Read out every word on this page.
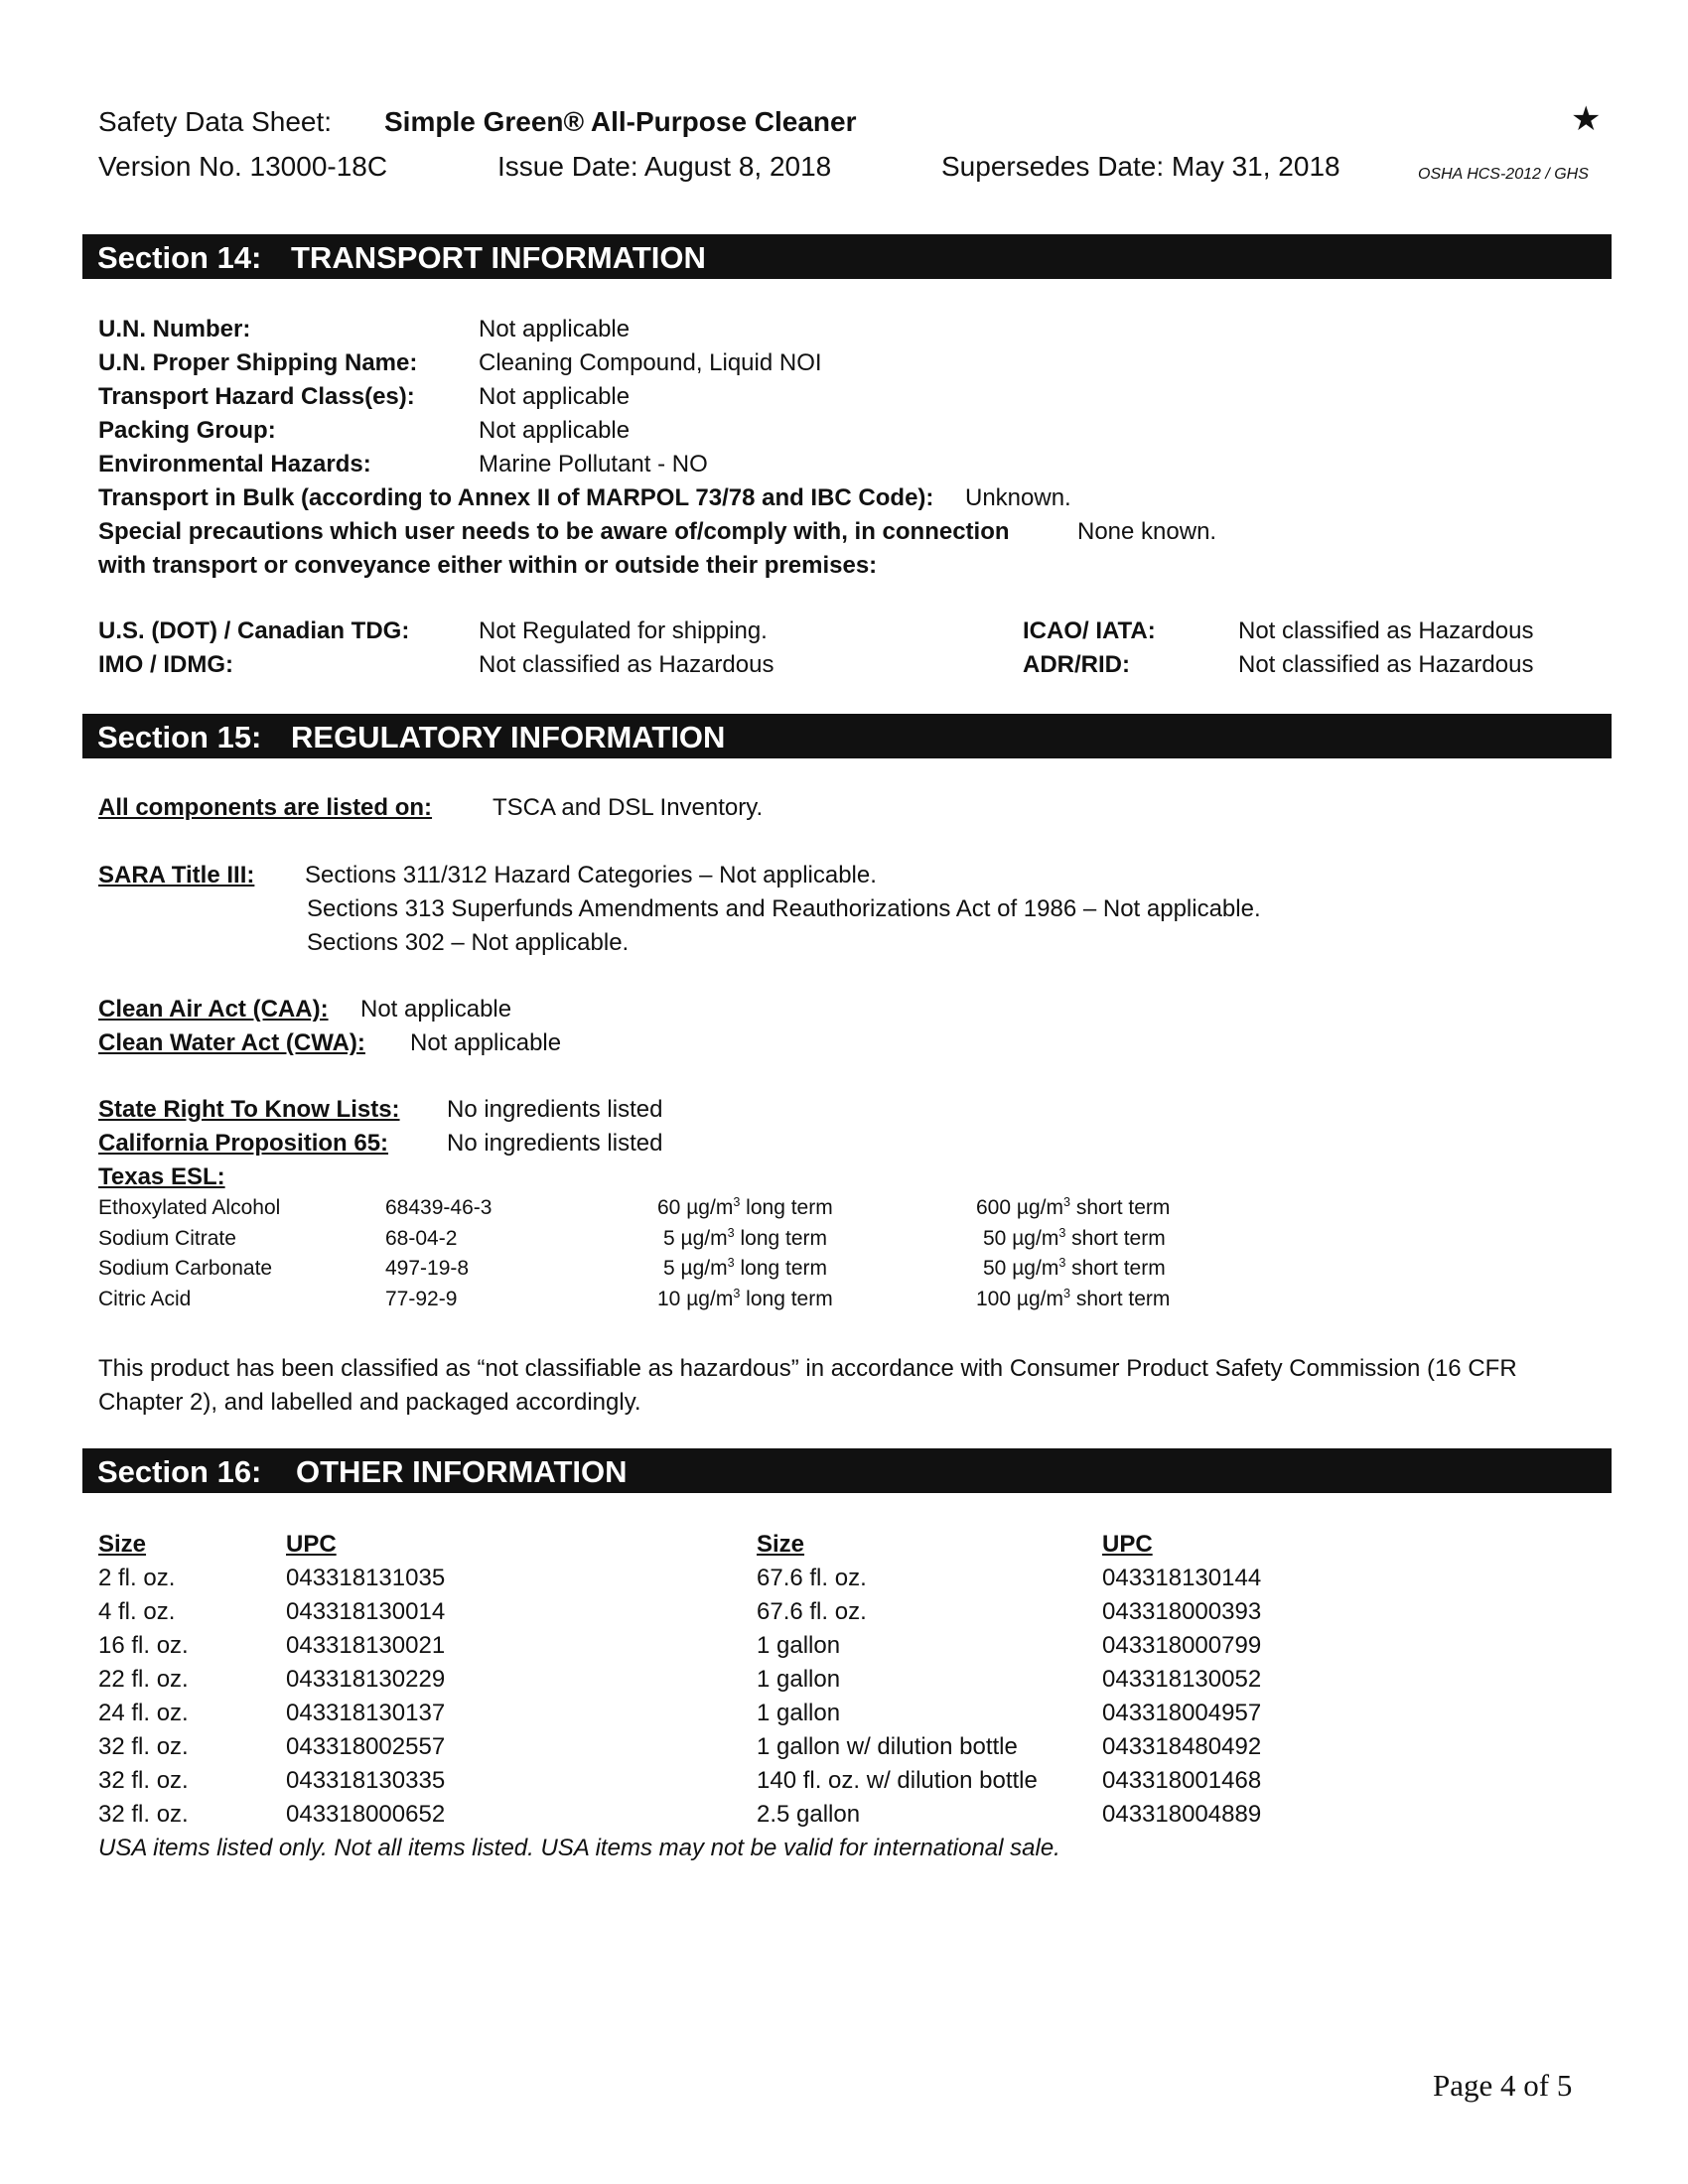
Safety Data Sheet: Simple Green® All-Purpose Cleaner	★
Version No. 13000-18C	Issue Date: August 8, 2018	Supersedes Date: May 31, 2018	OSHA HCS-2012 / GHS
Section 14: TRANSPORT INFORMATION
U.N. Number:	Not applicable
U.N. Proper Shipping Name:	Cleaning Compound, Liquid NOI
Transport Hazard Class(es):	Not applicable
Packing Group:	Not applicable
Environmental Hazards:	Marine Pollutant - NO
Transport in Bulk (according to Annex II of MARPOL 73/78 and IBC Code): Unknown.
Special precautions which user needs to be aware of/comply with, in connection	None known.
with transport or conveyance either within or outside their premises:
U.S. (DOT) / Canadian TDG:	Not Regulated for shipping.	ICAO/ IATA:	Not classified as Hazardous
IMO / IDMG:	Not classified as Hazardous	ADR/RID:	Not classified as Hazardous
Section 15: REGULATORY INFORMATION
All components are listed on:	TSCA and DSL Inventory.
SARA Title III: Sections 311/312 Hazard Categories – Not applicable.
Sections 313 Superfunds Amendments and Reauthorizations Act of 1986 – Not applicable.
Sections 302 – Not applicable.
Clean Air Act (CAA): Not applicable
Clean Water Act (CWA): Not applicable
State Right To Know Lists: No ingredients listed
California Proposition 65: No ingredients listed
Texas ESL:
Ethoxylated Alcohol	68439-46-3	60 $\mu g/m^3$ long term	600 $\mu g/m^3$ short term
Sodium Citrate	68-04-2	5 $\mu g/m^3$ long term	50 $\mu g/m^3$ short term
Sodium Carbonate	497-19-8	5 $\mu g/m^3$ long term	50 $\mu g/m^3$ short term
Citric Acid	77-92-9	10 $\mu g/m^3$ long term	100 $\mu g/m^3$ short term
This product has been classified as “not classifiable as hazardous” in accordance with Consumer Product Safety Commission (16 CFR
Chapter 2), and labelled and packaged accordingly.
Section 16: OTHER INFORMATION
Size	UPC	Size	UPC
2 fl. oz.	043318131035	67.6 fl. oz.	043318130144
4 fl. oz.	043318130014	67.6 fl. oz.	043318000393
16 fl. oz.	043318130021	1 gallon	043318000799
22 fl. oz.	043318130229	1 gallon	043318130052
24 fl. oz.	043318130137	1 gallon	043318004957
32 fl. oz.	043318002557	1 gallon w/ dilution bottle	043318480492
32 fl. oz.	043318130335	140 fl. oz. w/ dilution bottle	043318001468
32 fl. oz.	043318000652	2.5 gallon	043318004889
USA items listed only. Not all items listed. USA items may not be valid for international sale.
Page 4 of 5
